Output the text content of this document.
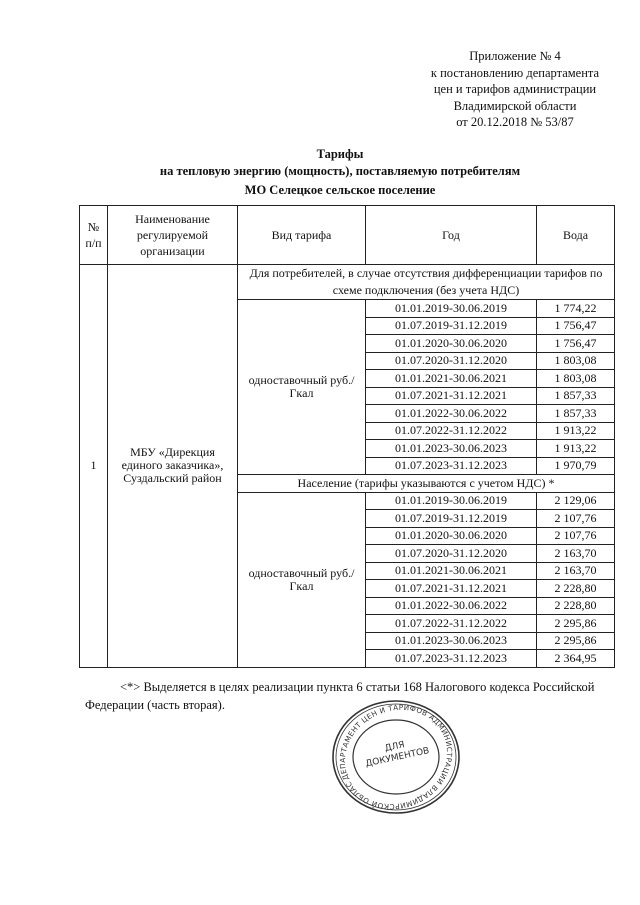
Приложение № 4
к постановлению департамента
цен и тарифов администрации
Владимирской области
от 20.12.2018 № 53/87
Тарифы
на тепловую энергию (мощность), поставляемую потребителям
МО Селецкое сельское поселение
№ п/п	Наименование регулируемой организации	Вид тарифа	Год	Вода
1	МБУ «Дирекция единого заказчика», Суздальский район	Для потребителей, в случае отсутствия дифференциации тарифов по схеме подключения (без учета НДС)		
		одноставочный руб./Гкал	01.01.2019-30.06.2019	1 774,22
			01.07.2019-31.12.2019	1 756,47
			01.01.2020-30.06.2020	1 756,47
			01.07.2020-31.12.2020	1 803,08
			01.01.2021-30.06.2021	1 803,08
			01.07.2021-31.12.2021	1 857,33
			01.01.2022-30.06.2022	1 857,33
			01.07.2022-31.12.2022	1 913,22
			01.01.2023-30.06.2023	1 913,22
			01.07.2023-31.12.2023	1 970,79
		Население (тарифы указываются с учетом НДС) *		
		одноставочный руб./Гкал	01.01.2019-30.06.2019	2 129,06
			01.07.2019-31.12.2019	2 107,76
			01.01.2020-30.06.2020	2 107,76
			01.07.2020-31.12.2020	2 163,70
			01.01.2021-30.06.2021	2 163,70
			01.07.2021-31.12.2021	2 228,80
			01.01.2022-30.06.2022	2 228,80
			01.07.2022-31.12.2022	2 295,86
			01.01.2023-30.06.2023	2 295,86
			01.07.2023-31.12.2023	2 364,95
<*> Выделяется в целях реализации пункта 6 статьи 168 Налогового кодекса Российской Федерации (часть вторая).
ДЕПАРТАМЕНТ ЦЕН И ТАРИФОВ АДМИНИСТРАЦИИ ВЛАДИМИРСКОЙ ОБЛАСТИ
ДЛЯ ДОКУМЕНТОВ
